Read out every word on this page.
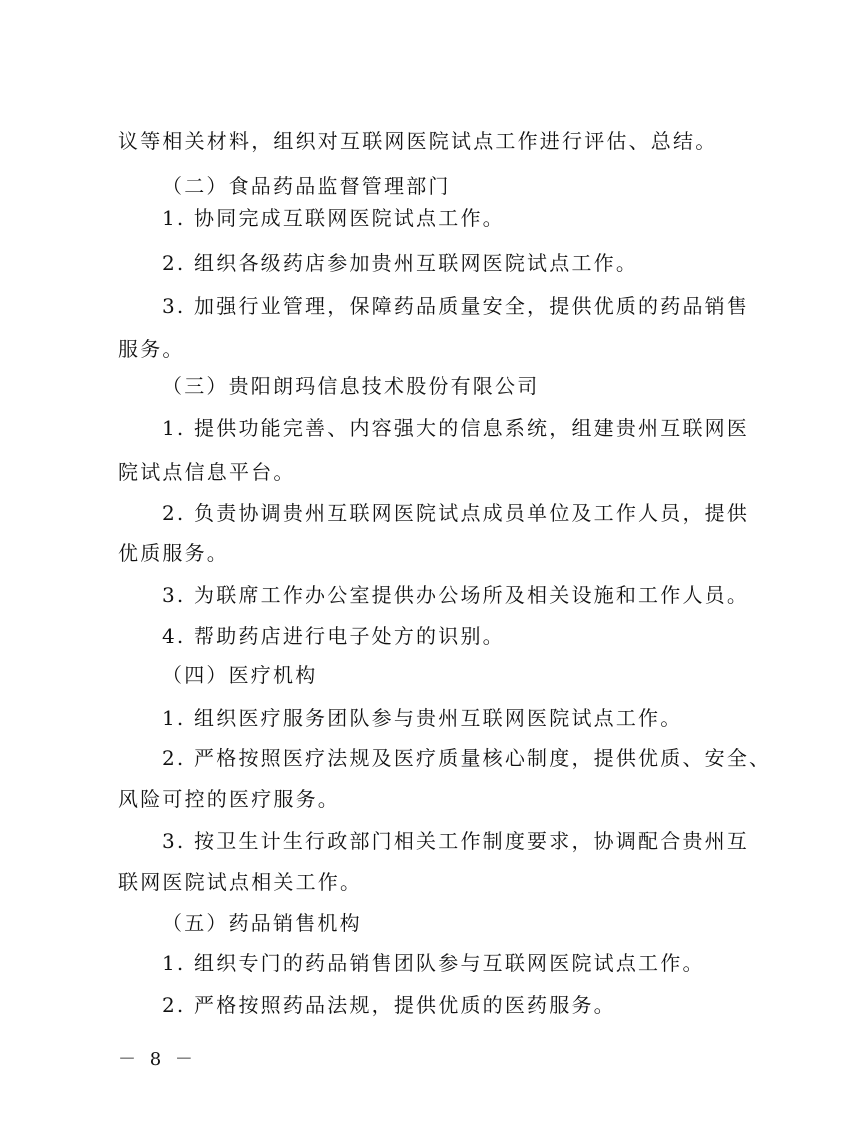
议等相关材料，组织对互联网医院试点工作进行评估、总结。
（二）食品药品监督管理部门
1. 协同完成互联网医院试点工作。
2. 组织各级药店参加贵州互联网医院试点工作。
3. 加强行业管理，保障药品质量安全，提供优质的药品销售
服务。
（三）贵阳朗玛信息技术股份有限公司
1. 提供功能完善、内容强大的信息系统，组建贵州互联网医
院试点信息平台。
2. 负责协调贵州互联网医院试点成员单位及工作人员，提供
优质服务。
3. 为联席工作办公室提供办公场所及相关设施和工作人员。
4. 帮助药店进行电子处方的识别。
（四）医疗机构
1. 组织医疗服务团队参与贵州互联网医院试点工作。
2. 严格按照医疗法规及医疗质量核心制度，提供优质、安全、
风险可控的医疗服务。
3. 按卫生计生行政部门相关工作制度要求，协调配合贵州互
联网医院试点相关工作。
（五）药品销售机构
1. 组织专门的药品销售团队参与互联网医院试点工作。
2. 严格按照药品法规，提供优质的医药服务。
－ 8 －
